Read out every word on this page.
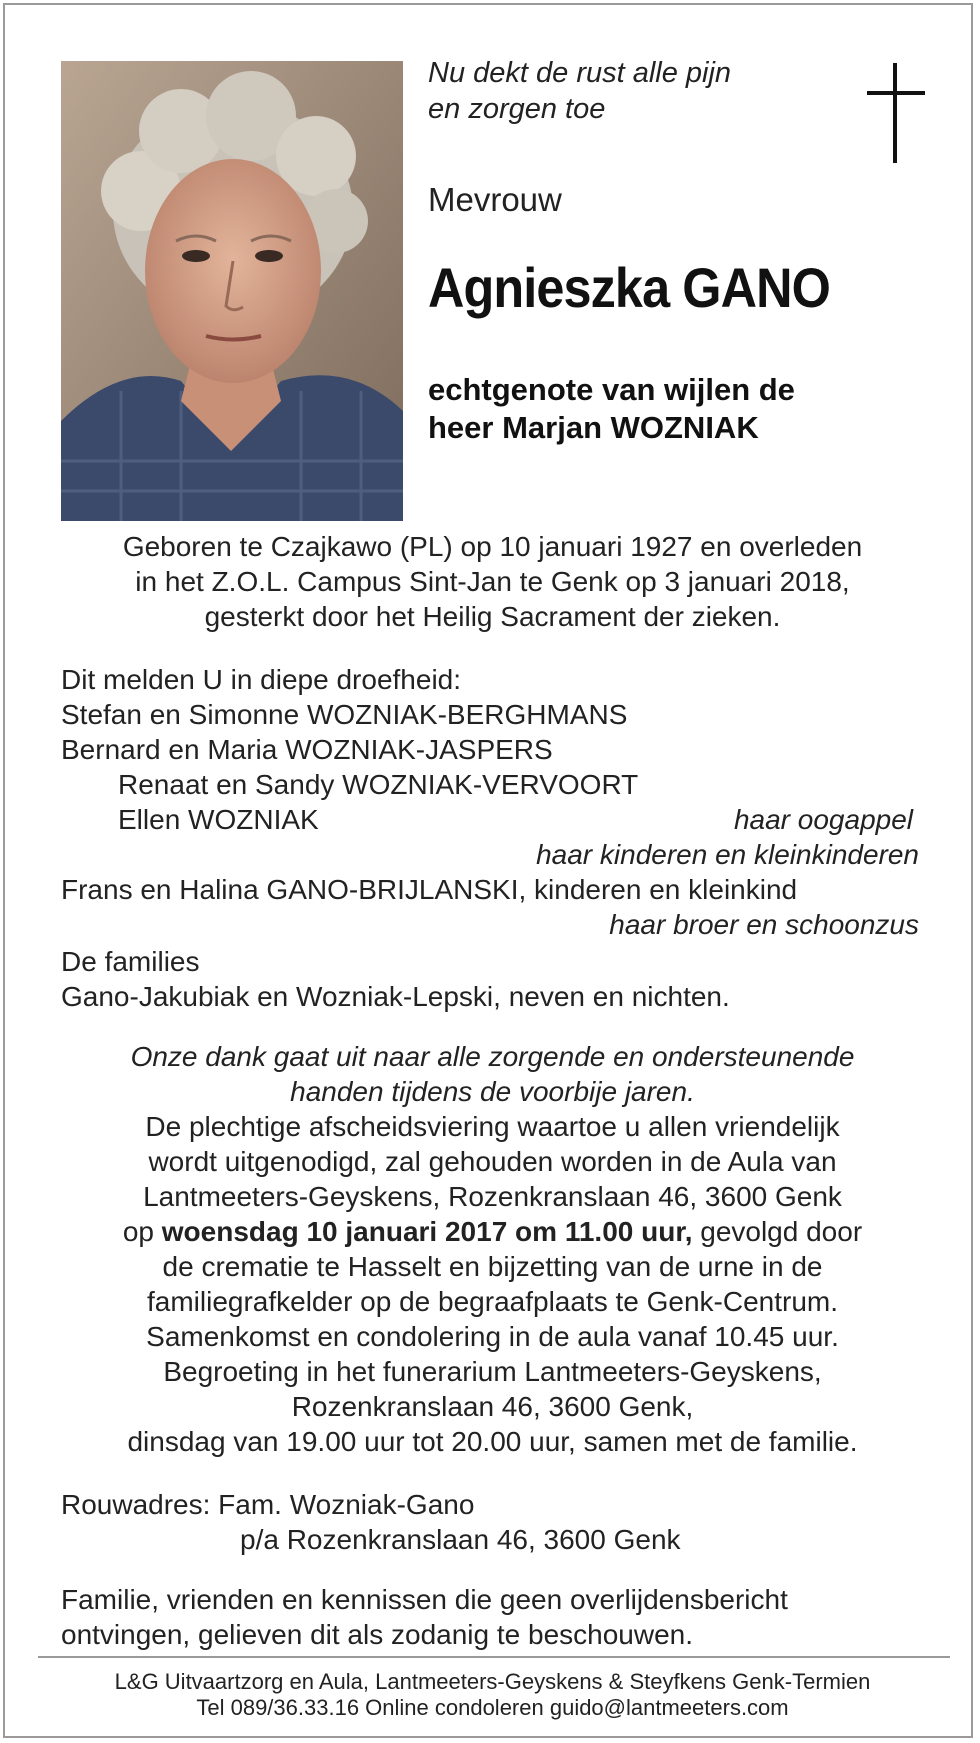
Nu dekt de rust alle pijn
en zorgen toe
Mevrouw
Agnieszka GANO
echtgenote van wijlen de
heer Marjan WOZNIAK
Geboren te Czajkawo (PL) op 10 januari 1927 en overleden
in het Z.O.L. Campus Sint-Jan te Genk op 3 januari 2018,
gesterkt door het Heilig Sacrament der zieken.
Dit melden U in diepe droefheid:
Stefan en Simonne WOZNIAK-BERGHMANS
Bernard en Maria WOZNIAK-JASPERS
Renaat en Sandy WOZNIAK-VERVOORT
Ellen WOZNIAK	haar oogappel
haar kinderen en kleinkinderen
Frans en Halina GANO-BRIJLANSKI, kinderen en kleinkind
haar broer en schoonzus
De families
Gano-Jakubiak en Wozniak-Lepski, neven en nichten.
Onze dank gaat uit naar alle zorgende en ondersteunende
handen tijdens de voorbije jaren.
De plechtige afscheidsviering waartoe u allen vriendelijk
wordt uitgenodigd, zal gehouden worden in de Aula van
Lantmeeters-Geyskens, Rozenkranslaan 46, 3600 Genk
op woensdag 10 januari 2017 om 11.00 uur, gevolgd door
de crematie te Hasselt en bijzetting van de urne in de
familiegrafkelder op de begraafplaats te Genk-Centrum.
Samenkomst en condolering in de aula vanaf 10.45 uur.
Begroeting in het funerarium Lantmeeters-Geyskens,
Rozenkranslaan 46, 3600 Genk,
dinsdag van 19.00 uur tot 20.00 uur, samen met de familie.
Rouwadres: Fam. Wozniak-Gano
p/a Rozenkranslaan 46, 3600 Genk
Familie, vrienden en kennissen die geen overlijdensbericht
ontvingen, gelieven dit als zodanig te beschouwen.
L&G Uitvaartzorg en Aula, Lantmeeters-Geyskens & Steyfkens Genk-Termien
Tel 089/36.33.16 Online condoleren guido@lantmeeters.com
